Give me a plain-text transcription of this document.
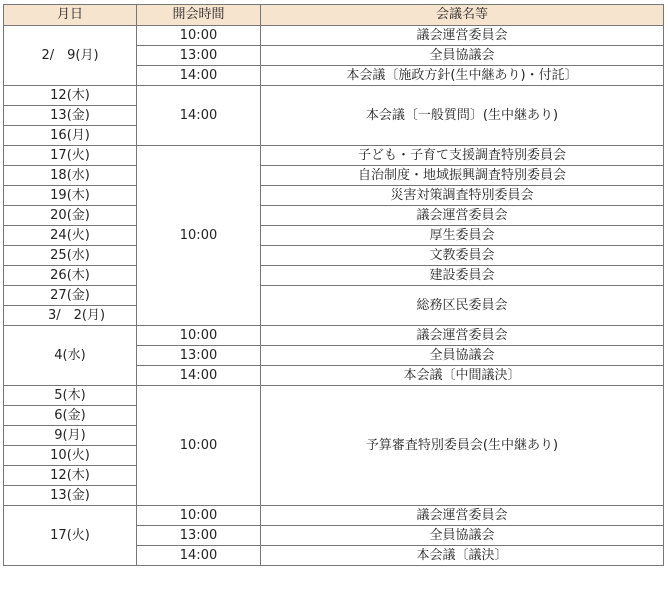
月日	開会時間	会議名等
2/　9(月)	10:00	議会運営委員会
	13:00	全員協議会
	14:00	本会議〔施政方針(生中継あり)・付託〕
12(木)	14:00	本会議〔一般質問〕(生中継あり)
13(金)		
16(月)		
17(火)	10:00	子ども・子育て支援調査特別委員会
18(水)		自治制度・地域振興調査特別委員会
19(木)		災害対策調査特別委員会
20(金)		議会運営委員会
24(火)		厚生委員会
25(水)		文教委員会
26(木)		建設委員会
27(金)		総務区民委員会
3/　2(月)		
4(水)	10:00	議会運営委員会
	13:00	全員協議会
	14:00	本会議〔中間議決〕
5(木)	10:00	予算審査特別委員会(生中継あり)
6(金)		
9(月)		
10(火)		
12(木)		
13(金)		
17(火)	10:00	議会運営委員会
	13:00	全員協議会
	14:00	本会議〔議決〕
